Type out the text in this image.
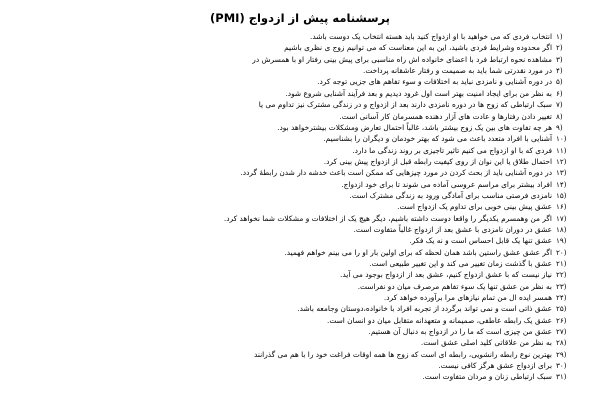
پرسشنامه پیش از ازدواج (PMI)
(۱
انتخاب فردی که می خواهید با او ازدواج کنید باید هسته انتخاب یک دوست باشد.
(۲
اگر محدوده وشرایط فردی باشید، این به این معناست که می توانیم زوج ی نظری باشیم
(۳
مشاهده نحوه ارتباط فرد با اعضای خانواده اش راه مناسبی برای پیش بینی رفتار او با همسرش در
(۴
در مورد نقدرتی شما باید به صمیمت و رفتار عاشقانه پرداخت.
(۵
در دوره آشنایی و نامزدی نباید به اختلافات و سوء تفاهم های جزیی توجه کرد.
(۶
به نظر من برای ایجاد امنیت بهتر است اول غرود دیدیم و بعد فرآیند آشنایی شروع شود.
(۷
سبک ارتباطی که زوج ها در دوره نامزدی دارند بعد از ازدواج و در زندگی مشترک نیز تداوم می یا
(۸
تغییر دادن رفتارها و عادت های آزار دهنده همسرمان کار آسانی است.
(۹
هر چه تفاوت های بین یک زوج بیشتر باشد، غالباً احتمال تعارض ومشکلات بیشترخواهد بود.
(۱۰
آشنایی با افراد متعدد باعث می شود که بهتر خودمان و دیگران را بشناسیم.
(۱۱
فردی که با او ازدواج می کنیم تاثیر تاجیزی بر روند زندگی ما دارد.
(۱۲
احتمال طلاق یا این نوان از روی کیفیت رابطه قبل از ازدواج پیش بینی کرد.
(۱۳
در دوره آشنایی باید از بحث کردن در مورد چیزهایی که ممکن است باعث خدشه دار شدن رابطۀ گردد.
(۱۴
افراد بیشتر برای مراسم عروسی آماده می شوند تا برای خود ازدواج.
(۱۵
نامزدی فرصتی مناسب برای آمادگی ورود به زندگی مشترک است.
(۱۶
عشق پیش بینی خوبی برای تداوم یک ازدواج است.
(۱۷
اگر من وهمسرم یکدیگر را واقعا دوست داشته باشیم، دیگر هیچ یک از اختلافات و مشکلات شما نخواهد کرد.
(۱۸
عشق در دوران نامزدی با عشق بعد از ازدواج غالباً متفاوت است.
(۱۹
عشق تنها یک قابل احساس است و نه یک فکر.
(۲۰
اگر عشق عشق راستین باشد همان لحظه که برای اولین بار او را می بینم خواهم فهمید.
(۲۱
عشق با گذشت زمان تغییر می کند و این تغییر طبیعی است.
(۲۲
نیاز نیست که با عشق ازدواج کنیم، عشق بعد از ازدواج بوجود می آید.
(۲۳
به نظر من عشق تنها یک سوء تفاهم مرصرف میان دو نفراست.
(۲۴
همسر ایده ال من تمام نیازهای مرا برآورده خواهد کرد.
(۲۵
عشق ذاتی است و نمی تواند برگردد از تجربه افراد با خانواده،دوستان وجامعه باشد.
(۲۶
عشق یک رابطه عاطفی، صمیمانه و متعهدانه متقابل میان دو انسان است.
(۲۷
عشق من چیزی است که ما را در ازدواج به دنبال آن هستیم.
(۲۸
به نظر من علاقاتی کلید اصلی عشق است.
(۲۹
بهترین نوع رابطه رانشویی، رابطه ای است که زوج ها همه اوقات فراغت خود را با هم می گذرانند
(۳۰
برای ازدواج عشق هرگز کافی نیست.
(۳۱
سبک ارتباطی زنان و مردان متفاوت است.
